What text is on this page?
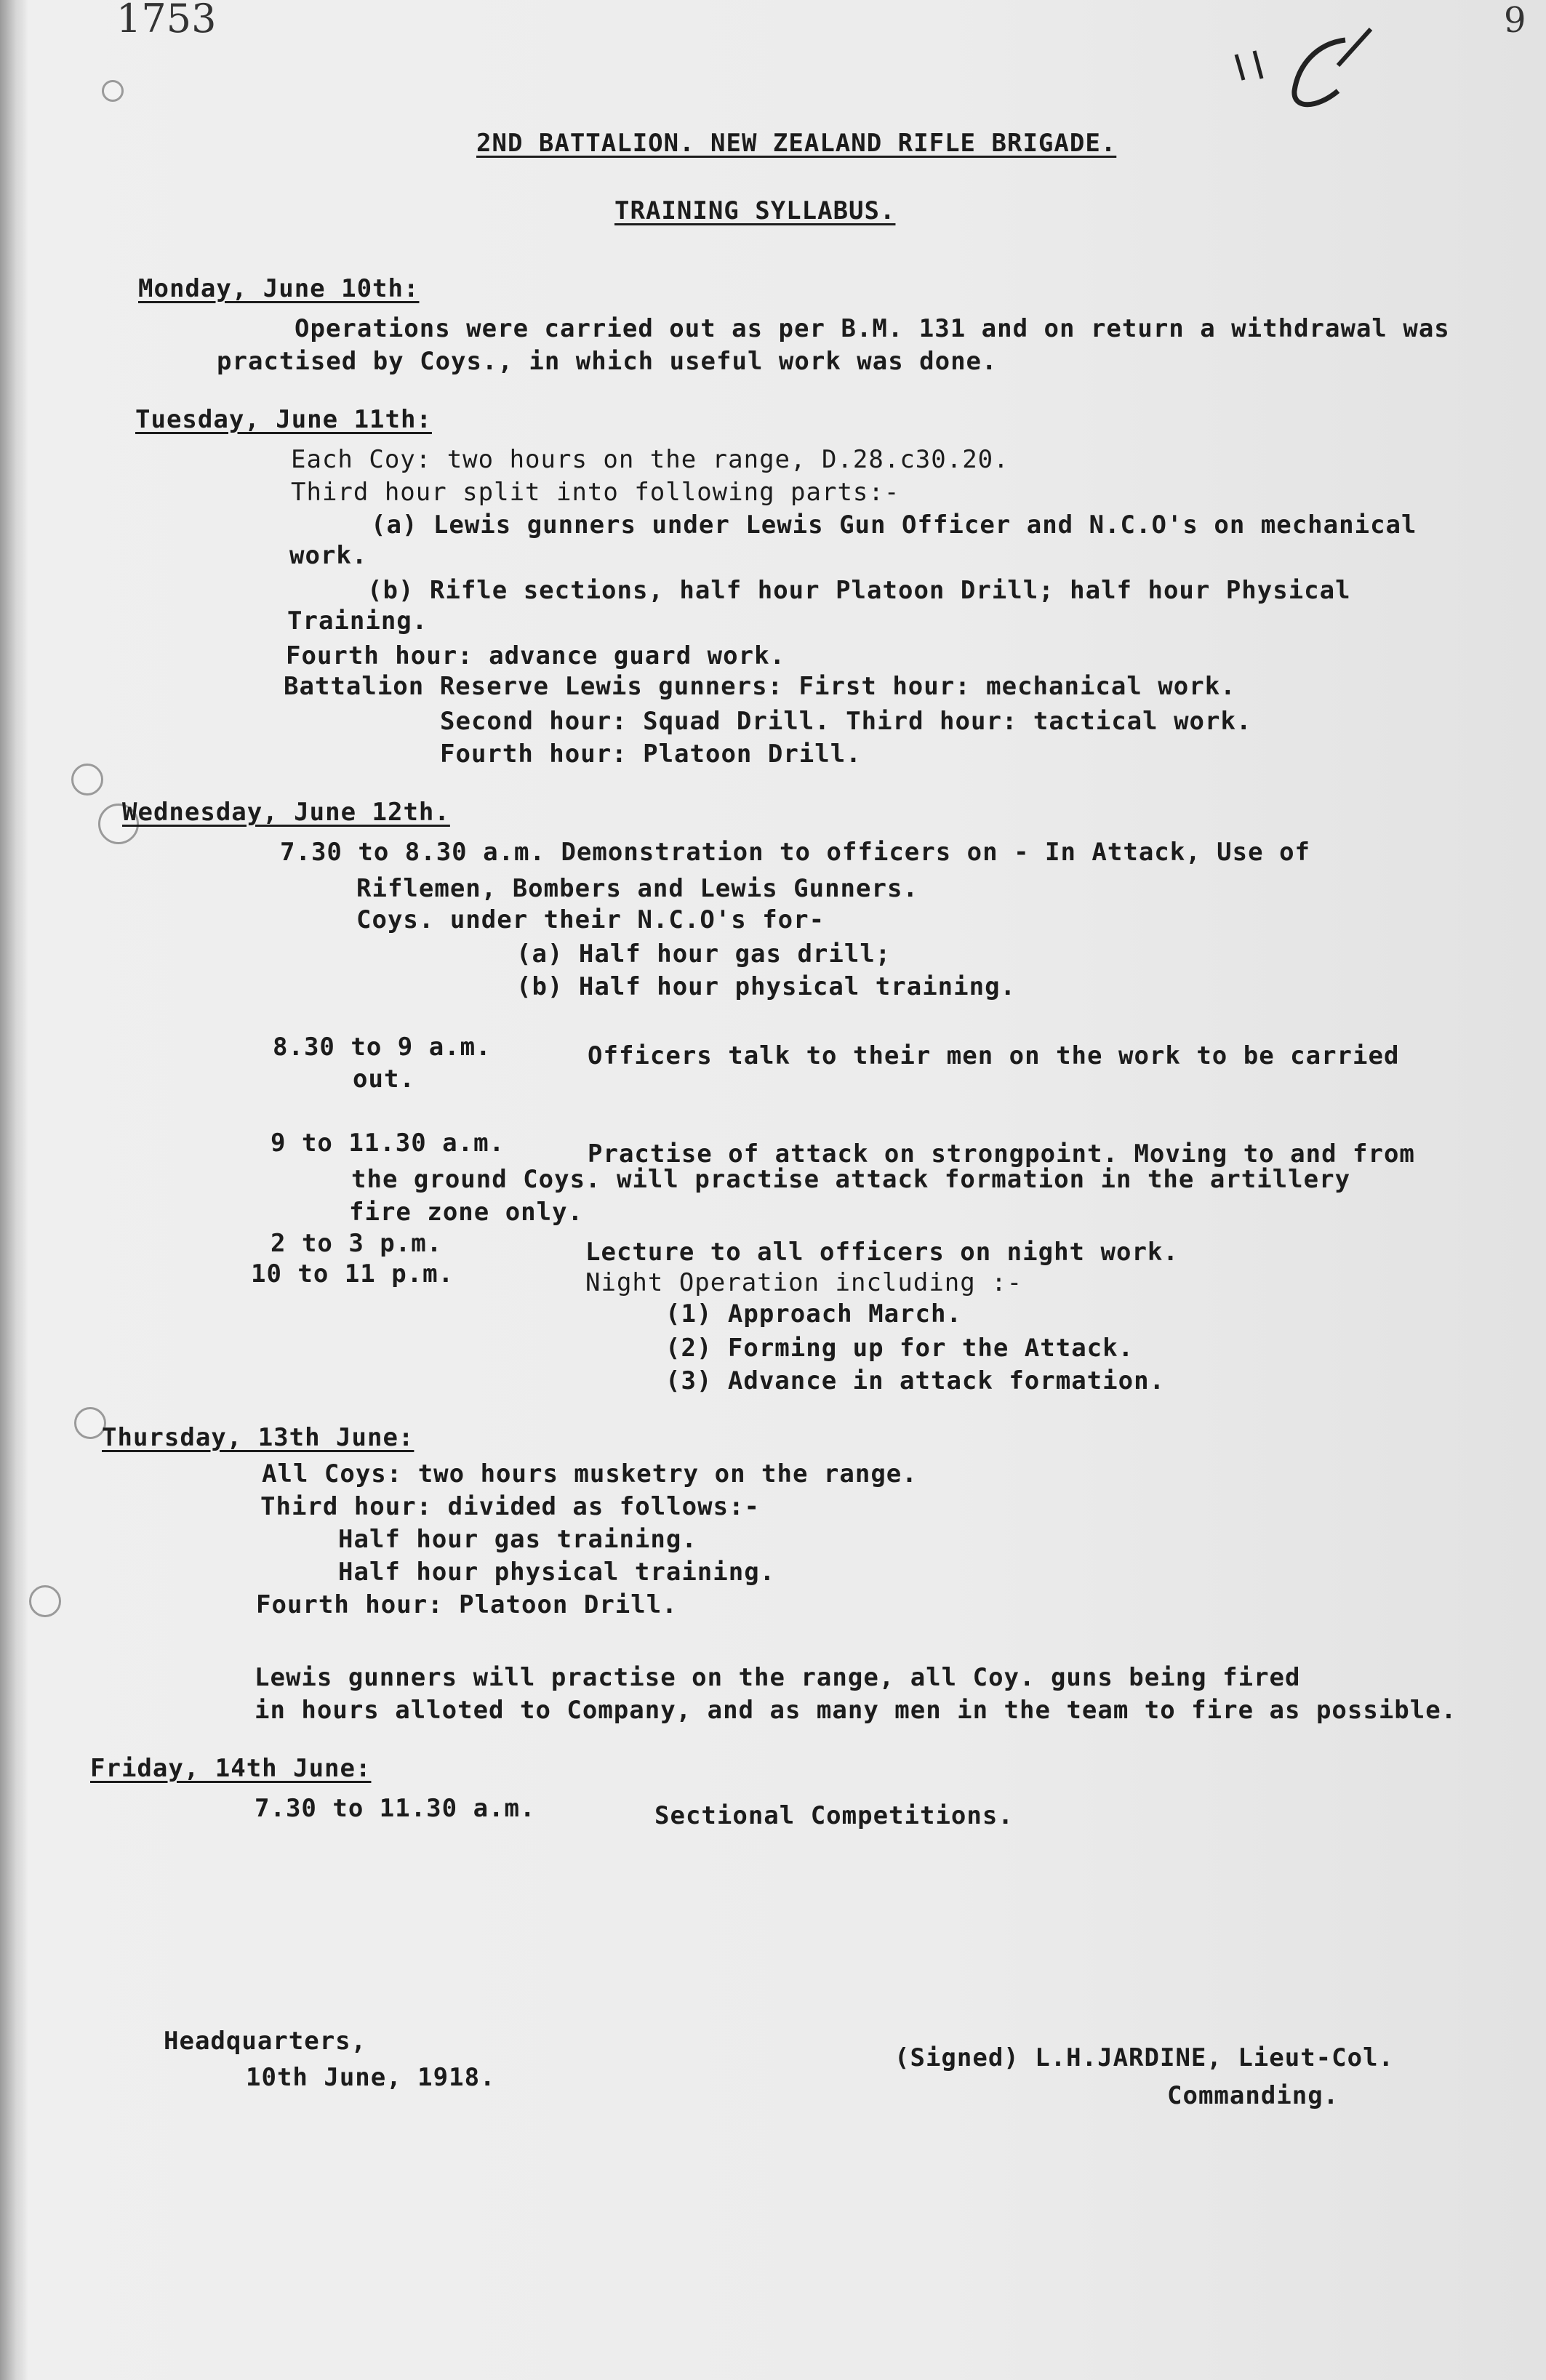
1753	9
2ND BATTALION. NEW ZEALAND RIFLE BRIGADE.
TRAINING SYLLABUS.
Monday, June 10th:
Operations were carried out as per B.M. 131 and on return a withdrawal was
practised by Coys., in which useful work was done.
Tuesday, June 11th:
Each Coy: two hours on the range, D.28.c30.20.
Third hour split into following parts:-
(a) Lewis gunners under Lewis Gun Officer and N.C.O's on mechanical
work.
(b) Rifle sections, half hour Platoon Drill; half hour Physical
Training.
Fourth hour: advance guard work.
Battalion Reserve Lewis gunners: First hour: mechanical work.
Second hour: Squad Drill. Third hour: tactical work.
Fourth hour: Platoon Drill.
Wednesday, June 12th.
7.30 to 8.30 a.m. Demonstration to officers on - In Attack, Use of
Riflemen, Bombers and Lewis Gunners.
Coys. under their N.C.O's for-
(a) Half hour gas drill;
(b) Half hour physical training.
8.30 to 9 a.m.	Officers talk to their men on the work to be carried
out.
9 to 11.30 a.m.	Practise of attack on strongpoint. Moving to and from
the ground Coys. will practise attack formation in the artillery
fire zone only.
2 to 3 p.m.	Lecture to all officers on night work.
10 to 11 p.m.	Night Operation including :-
(1) Approach March.
(2) Forming up for the Attack.
(3) Advance in attack formation.
Thursday, 13th June:
All Coys: two hours musketry on the range.
Third hour: divided as follows:-
Half hour gas training.
Half hour physical training.
Fourth hour: Platoon Drill.
Lewis gunners will practise on the range, all Coy. guns being fired
in hours alloted to Company, and as many men in the team to fire as possible.
Friday, 14th June:
7.30 to 11.30 a.m.	Sectional Competitions.
Headquarters,
10th June, 1918.
(Signed) L.H.JARDINE, Lieut-Col.
Commanding.
